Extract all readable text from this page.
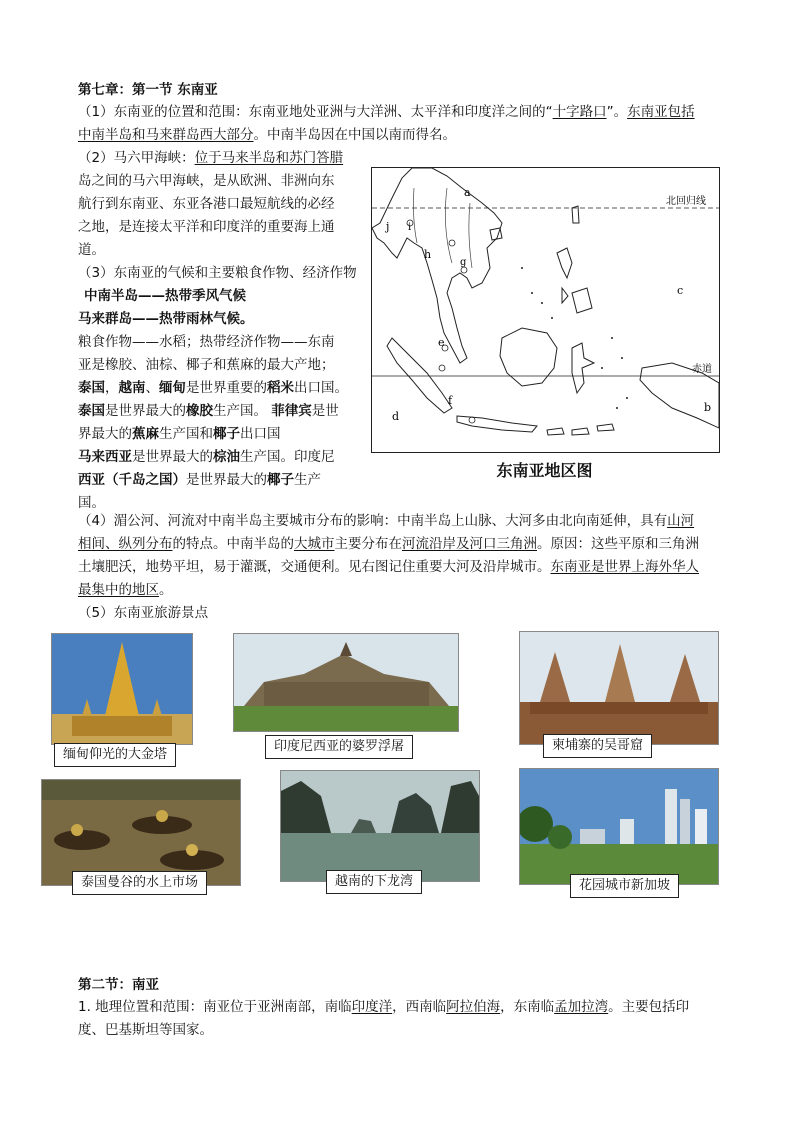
第七章：第一节 东南亚

（1）东南亚的位置和范围：东南亚地处亚洲与大洋洲、太平洋和印度洋之间的“十字路口”。东南亚包括

中南半岛和马来群岛西大部分。中南半岛因在中国以南而得名。

（2）马六甲海峡：位于马来半岛和苏门答腊

岛之间的马六甲海峡，是从欧洲、非洲向东

航行到东南亚、东亚各港口最短航线的必经

之地，是连接太平洋和印度洋的重要海上通

道。

（3）东南亚的气候和主要粮食作物、经济作物

中南半岛——热带季风气候

马来群岛——热带雨林气候。

粮食作物——水稻；热带经济作物——东南

亚是橡胶、油棕、椰子和蕉麻的最大产地；

泰国，越南、缅甸是世界重要的稻米出口国。

泰国是世界最大的橡胶生产国。 菲律宾是世

界最大的蕉麻生产国和椰子出口国

马来西亚是世界最大的棕油生产国。印度尼

西亚（千岛之国）是世界最大的椰子生产

国。

a
b
c
d
e
f
g
h
i
j
北回归线
赤道
东南亚地区图

（4）湄公河、河流对中南半岛主要城市分布的影响：中南半岛上山脉、大河多由北向南延伸，具有山河

相间、纵列分布的特点。中南半岛的大城市主要分布在河流沿岸及河口三角洲。原因：这些平原和三角洲

土壤肥沃，地势平坦，易于灌溉，交通便利。见右图记住重要大河及沿岸城市。东南亚是世界上海外华人

最集中的地区。

（5）东南亚旅游景点

缅甸仰光的大金塔
印度尼西亚的婆罗浮屠	柬埔寨的吴哥窟
泰国曼谷的水上市场	越南的下龙湾	花园城市新加坡
第二节：南亚

1. 地理位置和范围：南亚位于亚洲南部，南临印度洋，西南临阿拉伯海，东南临孟加拉湾。主要包括印

度、巴基斯坦等国家。
